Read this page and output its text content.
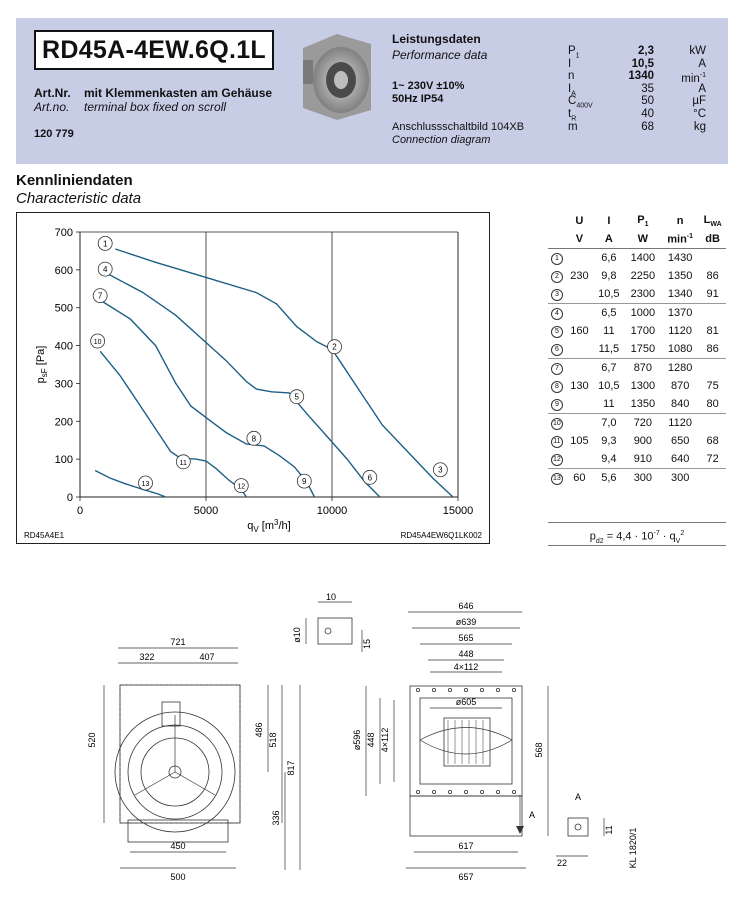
RD45A-4EW.6Q.1L
Art.Nr. mit Klemmenkasten am Gehäuse
Art.no. terminal box fixed on scroll
120 779
Leistungsdaten
Performance data
1~ 230V ±10%
50Hz IP54
Anschlussschaltbild 104XB
Connection diagram
$P_1$	2,3	kW
I	10,5	A
n	1340	$\min^{-1}$
$I_A$	35	A
$C_{400V}$	50	µF
$t_R$	40	°C
m	68	kg
Kennliniendaten
Characteristic data
0
100
200
300
400
500
600
700
0	5000	10000	15000
$q_V$ $[m^3/h]$
$p_{sF}$ [Pa]
RD45A4E1	RD45A4EW6Q1LK002
1
2
3
4
5
6
7
8
9
10
11
12
13
	U	I	$P_1$	n	$L_{WA}$
	V	A	W	$\min^{-1}$	dB
1		6,6	1400	1430	
2	230	9,8	2250	1350	86
3		10,5	2300	1340	91
4		6,5	1000	1370	
5	160	11	1700	1120	81
6		11,5	1750	1080	86
7		6,7	870	1280	
8	130	10,5	1300	870	75
9		11	1350	840	80
10		7,0	720	1120	
11	105	9,3	900	650	68
12		9,4	910	640	72
13	60	5,6	300	300	
$p_{d2} = 4,4 \cdot 10^{-7} \cdot q_V^2$
721
322	407
520
486
518
817
336
450
500
10
ø10
15
646
ø639
565
448
4×112
ø605
ø596 448 4×112	568
617
657
A
A
11
22	KL 1820/1
